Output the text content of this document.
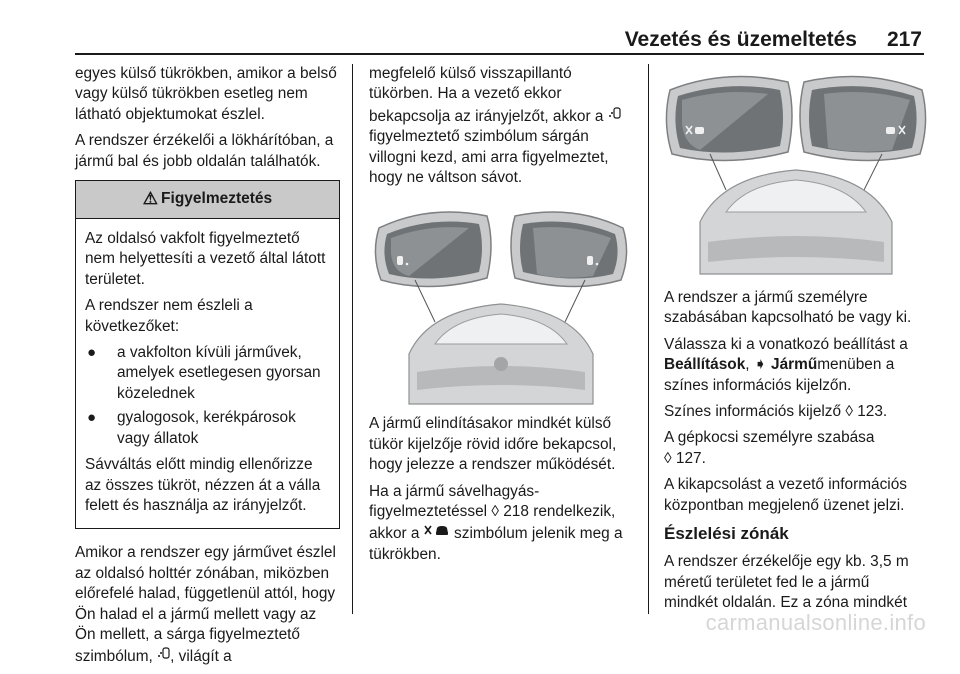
Vezetés és üzemeltetés 217

egyes külső tükrökben, amikor a belső vagy külső tükrökben esetleg nem látható objektumokat észlel.

A rendszer érzékelői a lökhárítóban, a jármű bal és jobb oldalán találhatók.

⚠ Figyelmeztetés

Az oldalsó vakfolt figyelmeztető nem helyettesíti a vezető által látott területet.

A rendszer nem észleli a következőket:

● a vakfolton kívüli járművek, amelyek esetlegesen gyorsan közelednek
● gyalogosok, kerékpárosok vagy állatok

Sávváltás előtt mindig ellenőrizze az összes tükröt, nézzen át a válla felett és használja az irányjelzőt.

Amikor a rendszer egy járművet észlel az oldalsó holttér zónában, miközben előrefelé halad, függetlenül attól, hogy Ön halad el a jármű mellett vagy az Ön mellett, a sárga figyelmeztető szimbólum, , világít a

megfelelő külső visszapillantó tükörben. Ha a vezető ekkor bekapcsolja az irányjelzőt, akkor a  figyelmeztető szimbólum sárgán villogni kezd, ami arra figyelmeztet, hogy ne váltson sávot.

A jármű elindításakor mindkét külső tükör kijelzője rövid időre bekapcsol, hogy jelezze a rendszer működését.

Ha a jármű sávelhagyás-figyelmeztetéssel ◊ 218 rendelkezik, akkor a szimbólum jelenik meg a tükrökben.

A rendszer a jármű személyre szabásában kapcsolható be vagy ki.

Válassza ki a vonatkozó beállítást a Beállítások, ➧ Járműmenüben a színes információs kijelzőn.

Színes információs kijelző ◊ 123.

A gépkocsi személyre szabása
◊ 127.

A kikapcsolást a vezető információs központban megjelenő üzenet jelzi.

Észlelési zónák

A rendszer érzékelője egy kb. 3,5 m méretű területet fed le a jármű mindkét oldalán. Ez a zóna mindkét

carmanualsonline.info
